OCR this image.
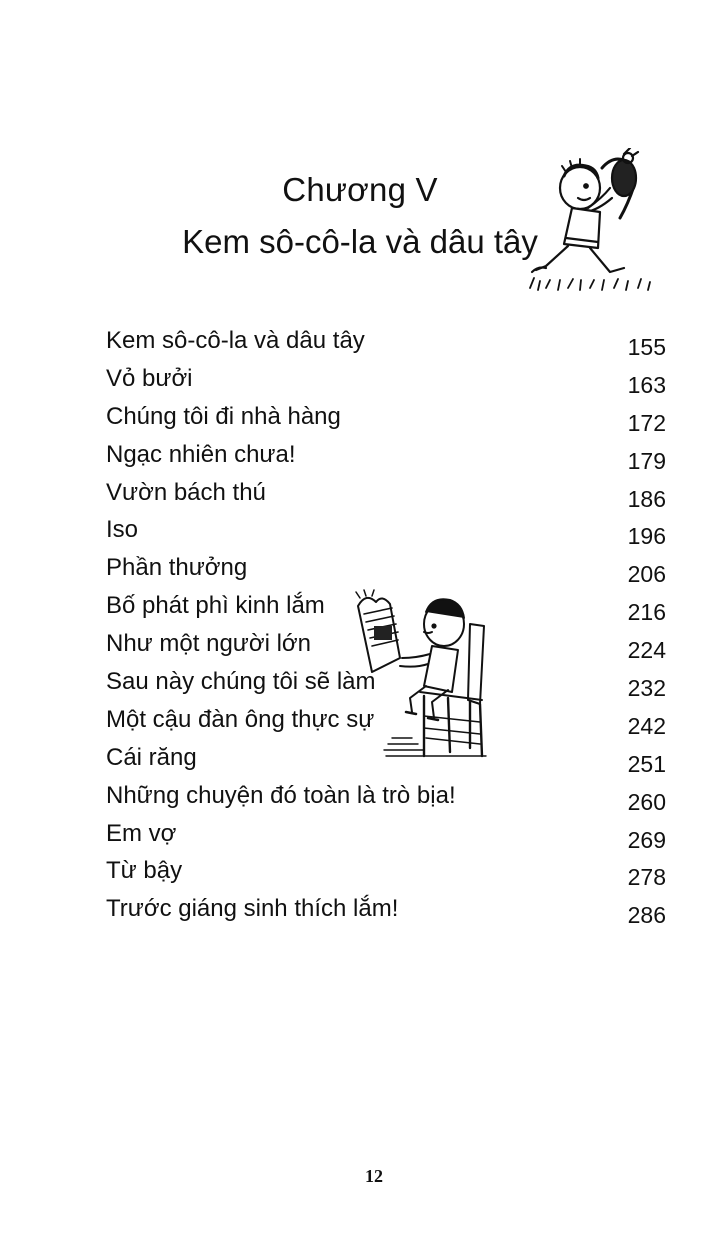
Chương V
Kem sô-cô-la và dâu tây
Kem sô-cô-la và dâu tây	155
Vỏ bưởi	163
Chúng tôi đi nhà hàng	172
Ngạc nhiên chưa!	179
Vườn bách thú	186
Iso	196
Phần thưởng	206
Bố phát phì kinh lắm	216
Như một người lớn	224
Sau này chúng tôi sẽ làm	232
Một cậu đàn ông thực sự	242
Cái răng	251
Những chuyện đó toàn là trò bịa!	260
Em vợ	269
Từ bậy	278
Trước giáng sinh thích lắm!	286
12
